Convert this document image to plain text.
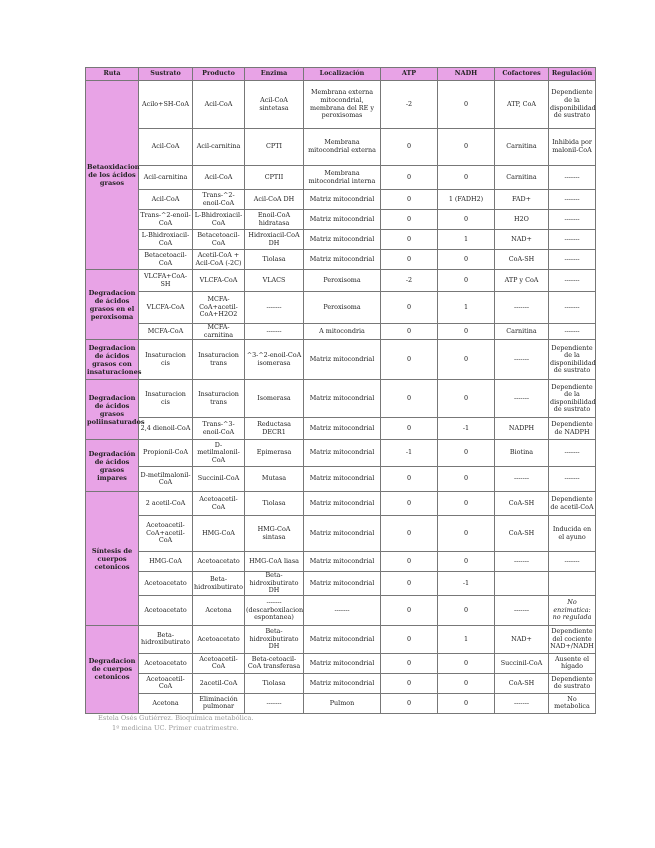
Ruta	Sustrato	Producto	Enzima	Localización	ATP	NADH	Cofactores	Regulación
Betaoxidacion de los ácidos grasos	Acilo+SH-CoA	Acil-CoA	Acil-CoA sintetasa	Membrana externa mitocondrial, membrana del RE y peroxisomas	-2	0	ATP, CoA	Dependiente de la disponibilidad de sustrato
	Acil-CoA	Acil-carnitina	CPTI	Membrana mitocondrial externa	0	0	Carnitina	Inhibida por malonil-CoA
	Acil-carnitina	Acil-CoA	CPTII	Membrana mitocondrial interna	0	0	Carnitina	-------
	Acil-CoA	Trans-^2-enoil-CoA	Acil-CoA DH	Matriz mitocondrial	0	1 (FADH2)	FAD+	-------
	Trans-^2-enoil-CoA	L-Bhidroxiacil-CoA	Enoil-CoA hidratasa	Matriz mitocondrial	0	0	H2O	-------
	L-Bhidroxiacil-CoA	Betacetoacil-CoA	Hidroxiacil-CoA DH	Matriz mitocondrial	0	1	NAD+	-------
	Betacetoacil-CoA	Acetil-CoA + Acil-CoA (-2C)	Tiolasa	Matriz mitocondrial	0	0	CoA-SH	-------
Degradacion de ácidos grasos en el peroxisoma	VLCFA+CoA-SH	VLCFA-CoA	VLACS	Peroxisoma	-2	0	ATP y CoA	-------
	VLCFA-CoA	MCFA-CoA+acetil-CoA+H2O2	-------	Peroxisoma	0	1	-------	-------
	MCFA-CoA	MCFA-carnitina	-------	A mitocondria	0	0	Carnitina	-------
Degradacion de ácidos grasos con insaturaciones	Insaturacion cis	Insaturacion trans	^3-^2-enoil-CoA isomerasa	Matriz mitocondrial	0	0	-------	Dependiente de la disponibilidad de sustrato
Degradacion de ácidos grasos poliinsaturados	Insaturacion cis	Insaturacion trans	Isomerasa	Matriz mitocondrial	0	0	-------	Dependiente de la disponibilidad de sustrato
	2,4 dienoil-CoA	Trans-^3-enoil-CoA	Reductasa DECR1	Matriz mitocondrial	0	-1	NADPH	Dependiente de NADPH
Degradación de ácidos grasos impares	Propionil-CoA	D-metilmalonil-CoA	Epimerasa	Matriz mitocondrial	-1	0	Biotina	-------
	D-metilmalonil-CoA	Succinil-CoA	Mutasa	Matriz mitocondrial	0	0	-------	-------
Síntesis de cuerpos cetonicos	2 acetil-CoA	Acetoacetil-CoA	Tiolasa	Matriz mitocondrial	0	0	CoA-SH	Dependiente de acetil-CoA
	Acetoacetil-CoA+acetil-CoA	HMG-CoA	HMG-CoA sintasa	Matriz mitocondrial	0	0	CoA-SH	Inducida en el ayuno
	HMG-CoA	Acetoacetato	HMG-CoA liasa	Matriz mitocondrial	0	0	-------	-------
	Acetoacetato	Beta-hidroxibutirato	Beta-hidroxibutirato DH	Matriz mitocondrial	0	-1		
	Acetoacetato	Acetona	------- (descarboxilacion espontanea)	-------	0	0	-------	No enzimatica: no regulada
Degradacion de cuerpos cetonicos	Beta-hidroxibutirato	Acetoacetato	Beta-hidroxibutirato DH	Matriz mitocondrial	0	1	NAD+	Dependiente del cociente NAD+/NADH
	Acetoacetato	Acetoacetil-CoA	Beta-cetoacil-CoA transferasa	Matriz mitocondrial	0	0	Succinil-CoA	Ausente el hígado
	Acetoacetil-CoA	2acetil-CoA	Tiolasa	Matriz mitocondrial	0	0	CoA-SH	Dependiente de sustrato
	Acetona	Eliminación pulmonar	-------	Pulmon	0	0	-------	No metabolica
Estela Osés Gutiérrez. Bioquímica metabólica.
1º medicina UC. Primer cuatrimestre.
